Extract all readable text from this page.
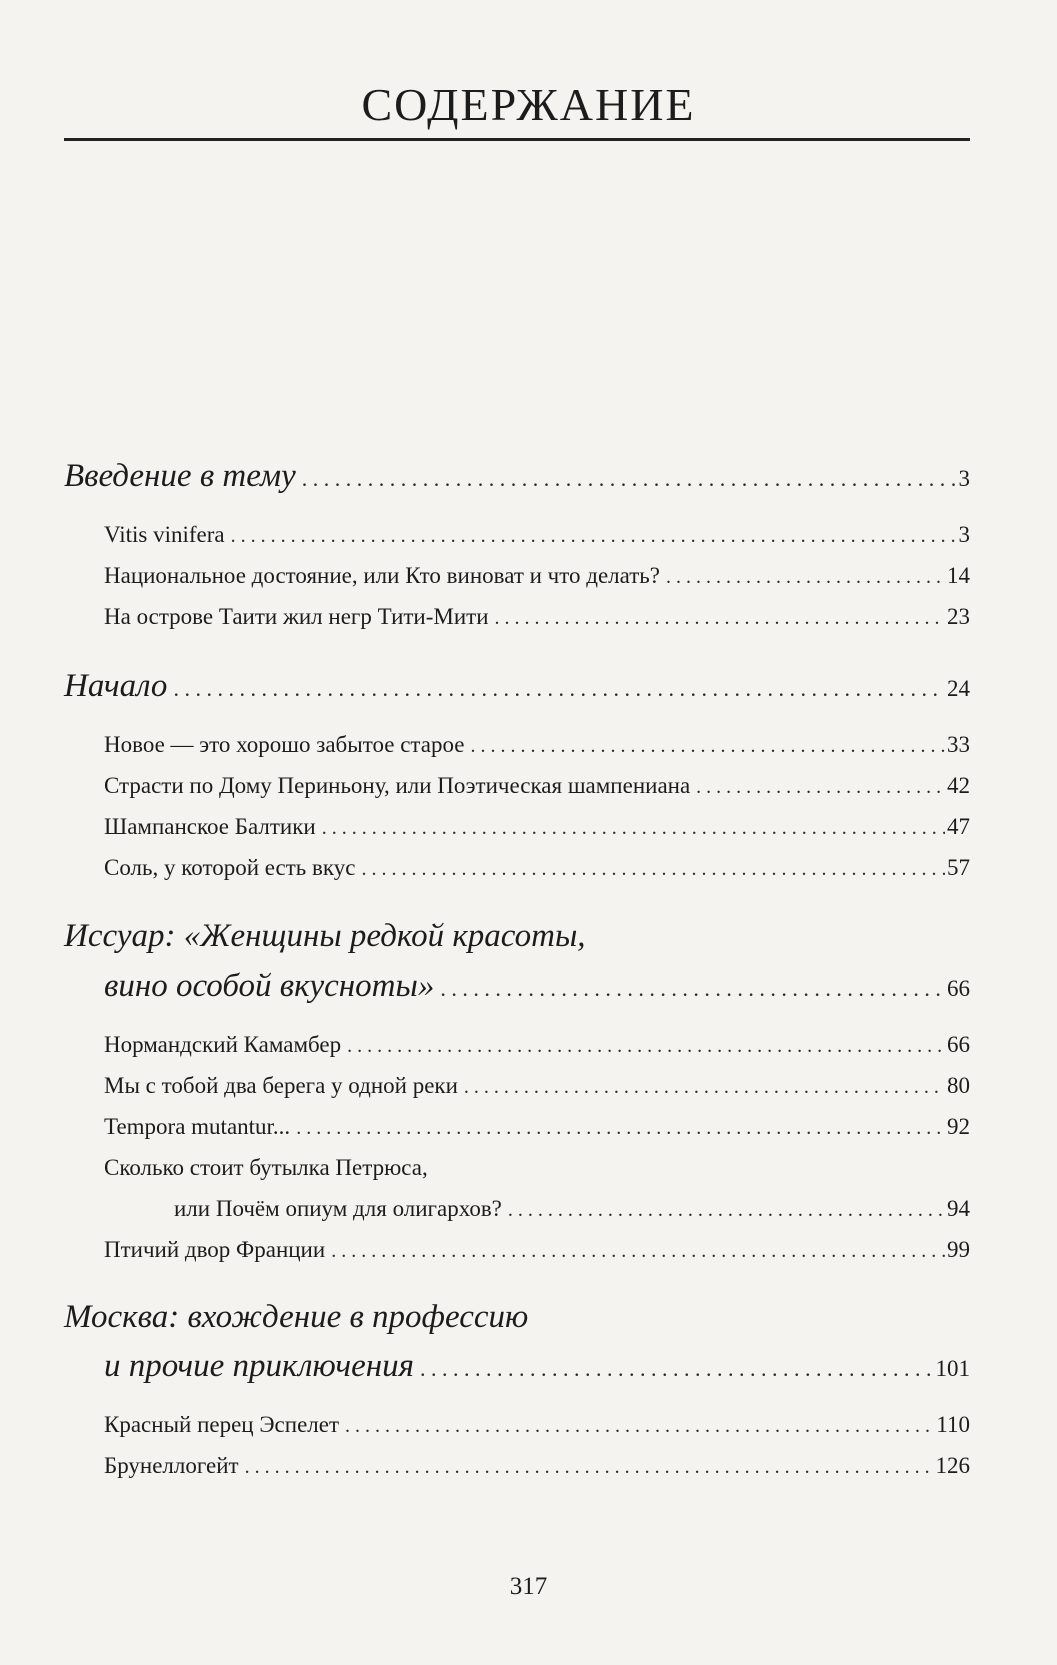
СОДЕРЖАНИЕ
Введение в тему . . .	3
Vitis vinifera . . .	3
Национальное достояние, или Кто виноват и что делать? . . .	14
На острове Таити жил негр Тити-Мити . . .	23
Начало . . .	24
Новое — это хорошо забытое старое . . .	33
Страсти по Дому Периньону, или Поэтическая шампениана . . .	42
Шампанское Балтики . . .	47
Соль, у которой есть вкус . . .	57
Иссуар: «Женщины редкой красоты,
вино особой вкусноты» . . .	66
Нормандский Камамбер . . .	66
Мы с тобой два берега у одной реки . . .	80
Tempora mutantur... . . .	92
Сколько стоит бутылка Петрюса,
или Почём опиум для олигархов? . . .	94
Птичий двор Франции . . .	99
Москва: вхождение в профессию
и прочие приключения . . .	101
Красный перец Эспелет . . .	110
Брунеллогейт . . .	126
317
